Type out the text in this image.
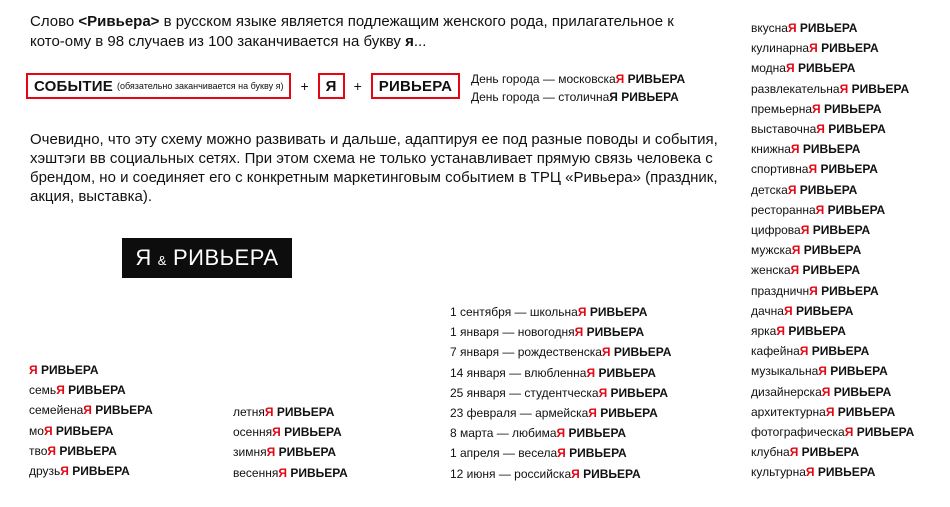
Слово <Ривьера> в русском языке является подлежащим женского рода, прилагательное к кото-ому в 98 случаев из 100 заканчивается на букву я...
СОБЫТИЕ (обязательно заканчивается на букву я)	+	Я	+	РИВЬЕРА День города — московскаЯ РИВЬЕРА
День города — столичнаЯ РИВЬЕРА
Очевидно, что эту схему можно развивать и дальше, адаптируя ее под разные поводы и события, хэштэги вв социальных сетях. При этом схема не только устанавливает прямую связь человека с брендом, но и соединяет его с конкретным маркетинговым событием в ТРЦ «Ривьера» (праздник, акция, выставка).
Я & РИВЬЕРА
Я РИВЬЕРА
семьЯ РИВЬЕРА
семейенаЯ РИВЬЕРА
моЯ РИВЬЕРА
твоЯ РИВЬЕРА
друзьЯ РИВЬЕРА
летняЯ РИВЬЕРА
осенняЯ РИВЬЕРА
зимняЯ РИВЬЕРА
весенняЯ РИВЬЕРА
1 сентября — школьнаЯ РИВЬЕРА
1 января — новогодняЯ РИВЬЕРА
7 января — рождественскаЯ РИВЬЕРА
14 января — влюбленнаЯ РИВЬЕРА
25 января — студентческаЯ РИВЬЕРА
23 февраля — армейскаЯ РИВЬЕРА
8 марта — любимаЯ РИВЬЕРА
1 апреля — веселаЯ РИВЬЕРА
12 июня — российскаЯ РИВЬЕРА
вкуснаЯ РИВЬЕРА
кулинарнаЯ РИВЬЕРА
моднаЯ РИВЬЕРА
развлекательнаЯ РИВЬЕРА
премьернаЯ РИВЬЕРА
выставочнаЯ РИВЬЕРА
книжнаЯ РИВЬЕРА
спортивнаЯ РИВЬЕРА
детскаЯ РИВЬЕРА
рестораннаЯ РИВЬЕРА
цифроваЯ РИВЬЕРА
мужскаЯ РИВЬЕРА
женскаЯ РИВЬЕРА
праздничнЯ РИВЬЕРА
дачнаЯ РИВЬЕРА
яркаЯ РИВЬЕРА
кафейнаЯ РИВЬЕРА
музыкальнаЯ РИВЬЕРА
дизайнерскаЯ РИВЬЕРА
архитектурнаЯ РИВЬЕРА
фотографическаЯ РИВЬЕРА
клубнаЯ РИВЬЕРА
культурнаЯ РИВЬЕРА
